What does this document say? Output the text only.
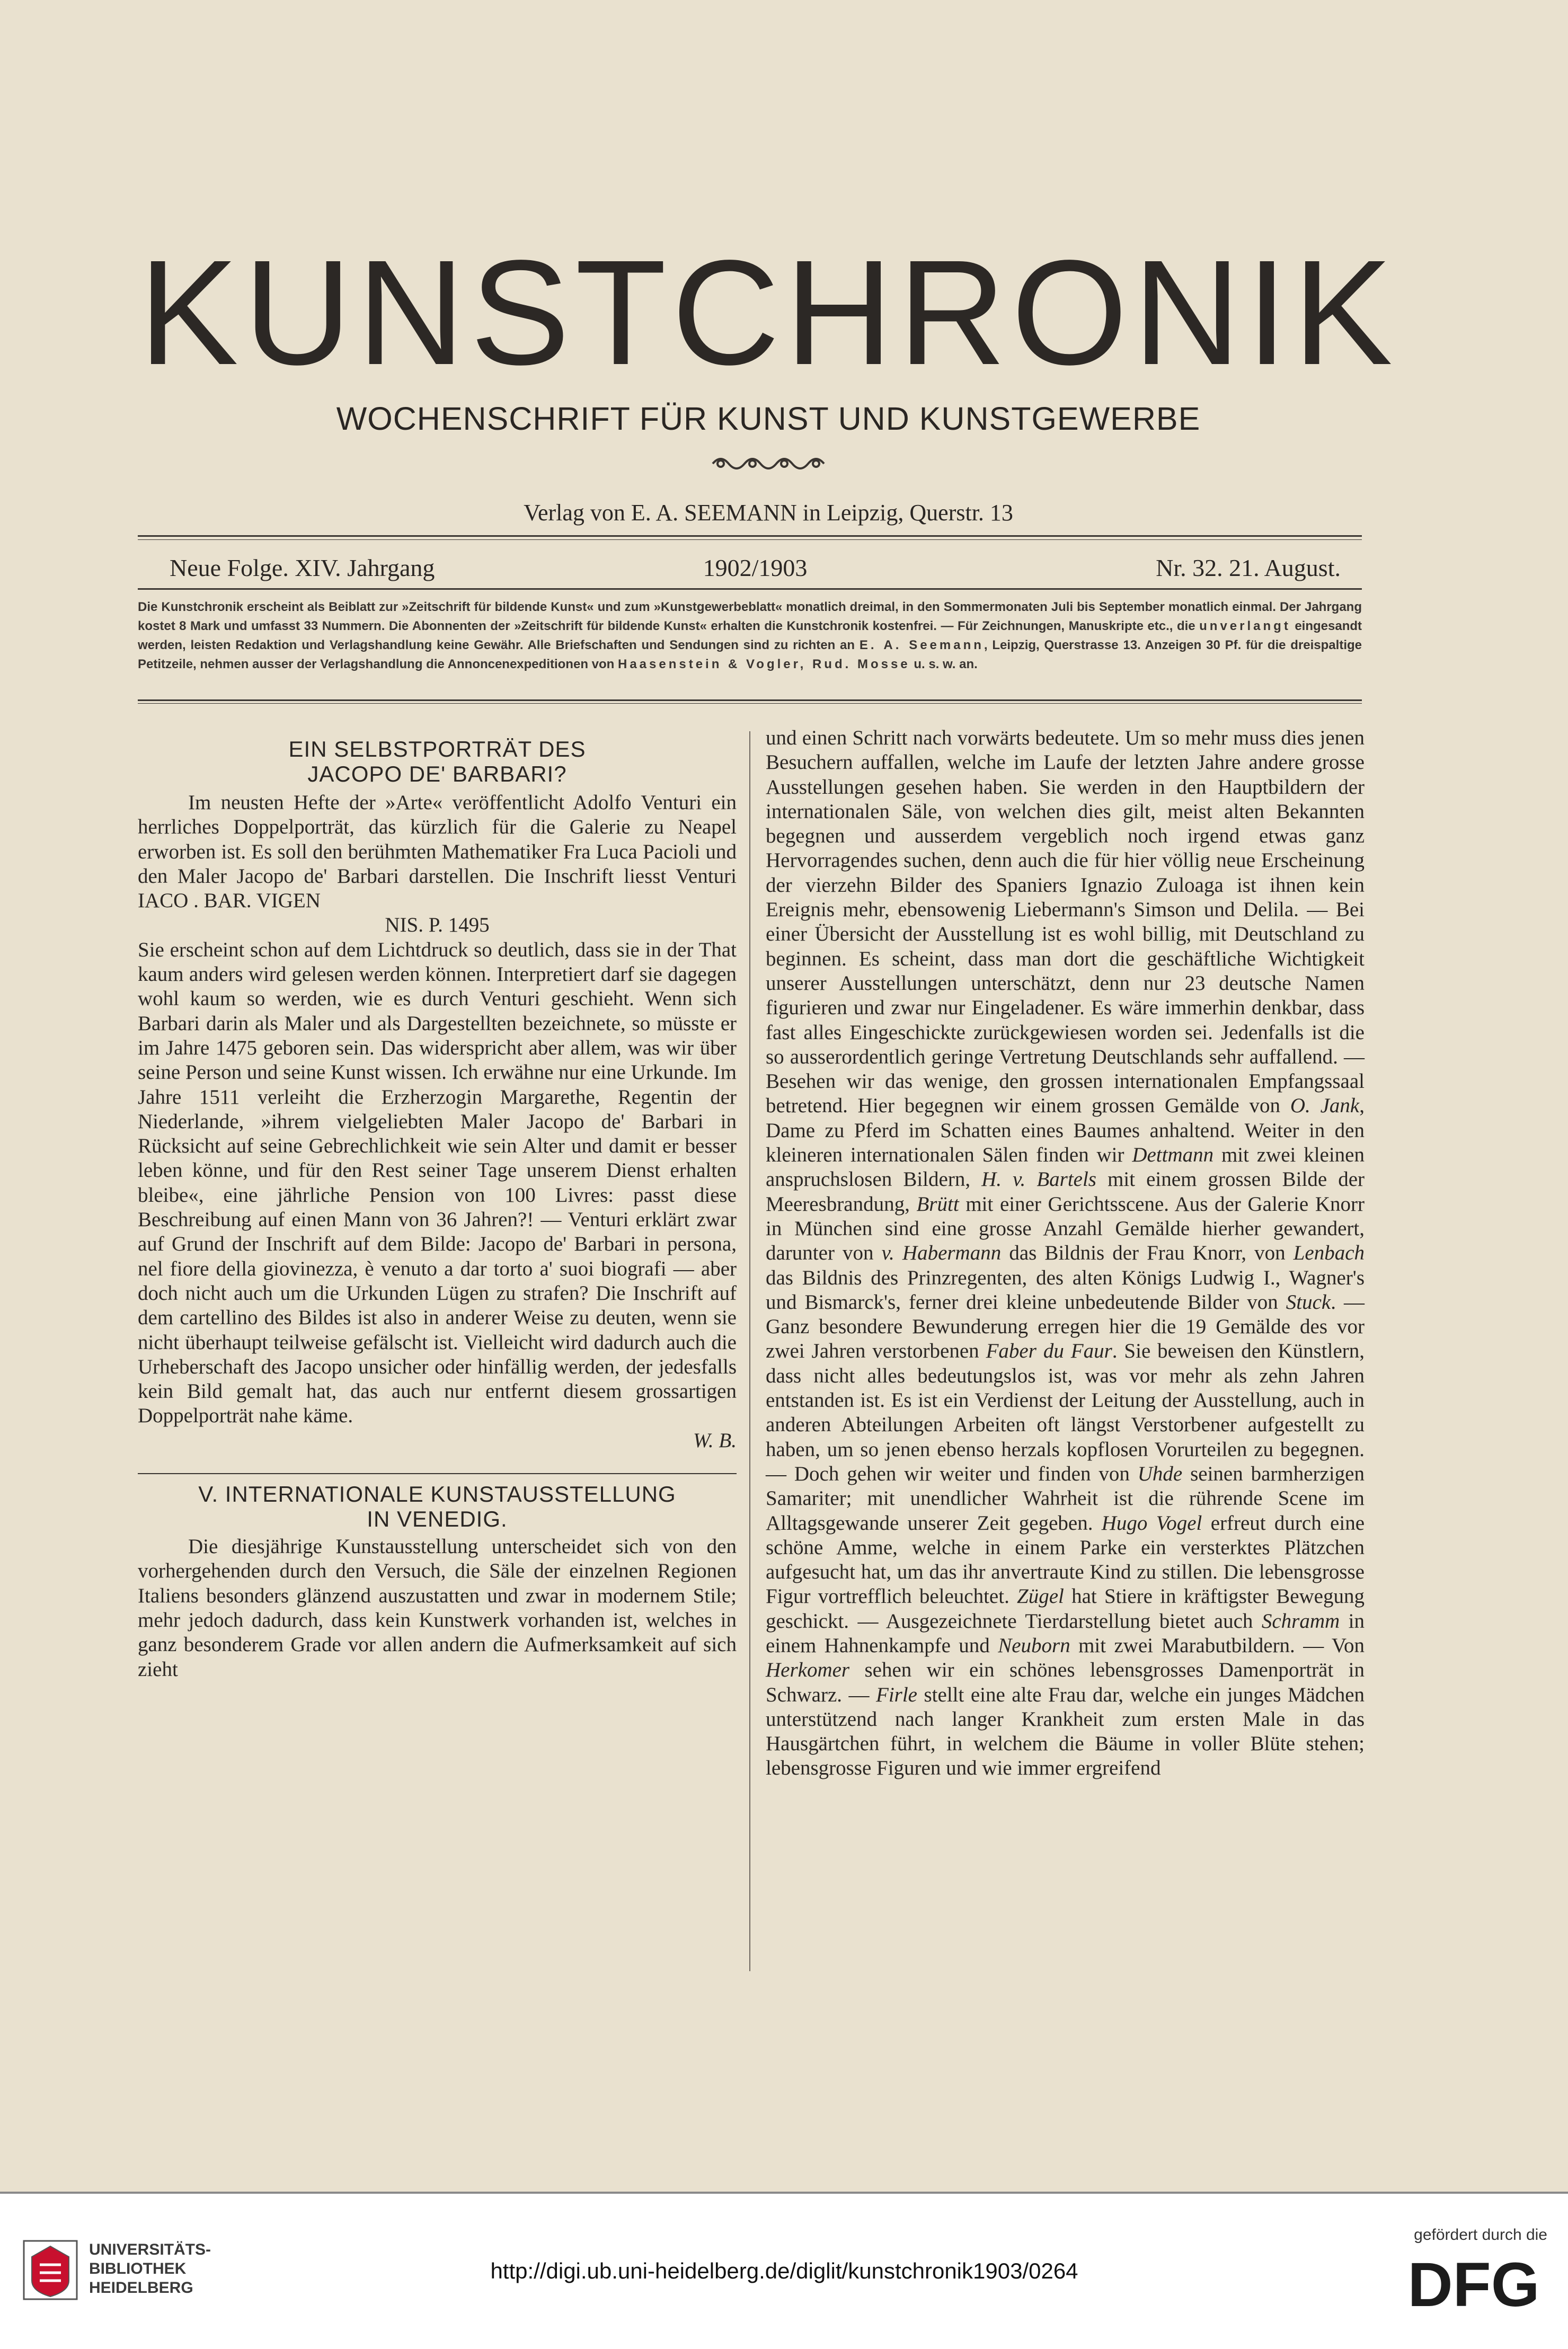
KUNSTCHRONIK
WOCHENSCHRIFT FÜR KUNST UND KUNSTGEWERBE
Verlag von E. A. SEEMANN in Leipzig, Querstr. 13
Neue Folge. XIV. Jahrgang	1902/1903	Nr. 32. 21. August.
Die Kunstchronik erscheint als Beiblatt zur »Zeitschrift für bildende Kunst« und zum »Kunstgewerbeblatt« monatlich dreimal, in den Sommermonaten Juli bis September monatlich einmal. Der Jahrgang kostet 8 Mark und umfasst 33 Nummern. Die Abonnenten der »Zeitschrift für bildende Kunst« erhalten die Kunstchronik kostenfrei. — Für Zeichnungen, Manuskripte etc., die unverlangt eingesandt werden, leisten Redaktion und Verlagshandlung keine Gewähr. Alle Briefschaften und Sendungen sind zu richten an E. A. Seemann, Leipzig, Querstrasse 13. Anzeigen 30 Pf. für die dreispaltige Petitzeile, nehmen ausser der Verlagshandlung die Annoncenexpeditionen von Haasenstein & Vogler, Rud. Mosse u. s. w. an.
EIN SELBSTPORTRÄT DES
JACOPO DE' BARBARI?

Im neusten Hefte der »Arte« veröffentlicht Adolfo Venturi ein herrliches Doppelporträt, das kürzlich für die Galerie zu Neapel erworben ist. Es soll den berühmten Mathematiker Fra Luca Pacioli und den Maler Jacopo de' Barbari darstellen. Die Inschrift liesst Venturi IACO . BAR. VIGEN

NIS. P. 1495

Sie erscheint schon auf dem Lichtdruck so deutlich, dass sie in der That kaum anders wird gelesen werden können. Interpretiert darf sie dagegen wohl kaum so werden, wie es durch Venturi geschieht. Wenn sich Barbari darin als Maler und als Dargestellten bezeichnete, so müsste er im Jahre 1475 geboren sein. Das widerspricht aber allem, was wir über seine Person und seine Kunst wissen. Ich erwähne nur eine Urkunde. Im Jahre 1511 verleiht die Erzherzogin Margarethe, Regentin der Niederlande, »ihrem vielgeliebten Maler Jacopo de' Barbari in Rücksicht auf seine Gebrechlichkeit wie sein Alter und damit er besser leben könne, und für den Rest seiner Tage unserem Dienst erhalten bleibe«, eine jährliche Pension von 100 Livres: passt diese Beschreibung auf einen Mann von 36 Jahren?! — Venturi erklärt zwar auf Grund der Inschrift auf dem Bilde: Jacopo de' Barbari in persona, nel fiore della giovinezza, è venuto a dar torto a' suoi biografi — aber doch nicht auch um die Urkunden Lügen zu strafen? Die Inschrift auf dem cartellino des Bildes ist also in anderer Weise zu deuten, wenn sie nicht überhaupt teilweise gefälscht ist. Vielleicht wird dadurch auch die Urheberschaft des Jacopo unsicher oder hinfällig werden, der jedesfalls kein Bild gemalt hat, das auch nur entfernt diesem grossartigen Doppelporträt nahe käme.

W. B.

V. INTERNATIONALE KUNSTAUSSTELLUNG
IN VENEDIG.

Die diesjährige Kunstausstellung unterscheidet sich von den vorhergehenden durch den Versuch, die Säle der einzelnen Regionen Italiens besonders glänzend auszustatten und zwar in modernem Stile; mehr jedoch dadurch, dass kein Kunstwerk vorhanden ist, welches in ganz besonderem Grade vor allen andern die Aufmerksamkeit auf sich zieht

und einen Schritt nach vorwärts bedeutete. Um so mehr muss dies jenen Besuchern auffallen, welche im Laufe der letzten Jahre andere grosse Ausstellungen gesehen haben. Sie werden in den Hauptbildern der internationalen Säle, von welchen dies gilt, meist alten Bekannten begegnen und ausserdem vergeblich noch irgend etwas ganz Hervorragendes suchen, denn auch die für hier völlig neue Erscheinung der vierzehn Bilder des Spaniers Ignazio Zuloaga ist ihnen kein Ereignis mehr, ebensowenig Liebermann's Simson und Delila. — Bei einer Übersicht der Ausstellung ist es wohl billig, mit Deutschland zu beginnen. Es scheint, dass man dort die geschäftliche Wichtigkeit unserer Ausstellungen unterschätzt, denn nur 23 deutsche Namen figurieren und zwar nur Eingeladener. Es wäre immerhin denkbar, dass fast alles Eingeschickte zurückgewiesen worden sei. Jedenfalls ist die so ausserordentlich geringe Vertretung Deutschlands sehr auffallend. — Besehen wir das wenige, den grossen internationalen Empfangssaal betretend. Hier begegnen wir einem grossen Gemälde von O. Jank, Dame zu Pferd im Schatten eines Baumes anhaltend. Weiter in den kleineren internationalen Sälen finden wir Dettmann mit zwei kleinen anspruchslosen Bildern, H. v. Bartels mit einem grossen Bilde der Meeresbrandung, Brütt mit einer Gerichtsscene. Aus der Galerie Knorr in München sind eine grosse Anzahl Gemälde hierher gewandert, darunter von v. Habermann das Bildnis der Frau Knorr, von Lenbach das Bildnis des Prinzregenten, des alten Königs Ludwig I., Wagner's und Bismarck's, ferner drei kleine unbedeutende Bilder von Stuck. — Ganz besondere Bewunderung erregen hier die 19 Gemälde des vor zwei Jahren verstorbenen Faber du Faur. Sie beweisen den Künstlern, dass nicht alles bedeutungslos ist, was vor mehr als zehn Jahren entstanden ist. Es ist ein Verdienst der Leitung der Ausstellung, auch in anderen Abteilungen Arbeiten oft längst Verstorbener aufgestellt zu haben, um so jenen ebenso herzals kopflosen Vorurteilen zu begegnen. — Doch gehen wir weiter und finden von Uhde seinen barmherzigen Samariter; mit unendlicher Wahrheit ist die rührende Scene im Alltagsgewande unserer Zeit gegeben. Hugo Vogel erfreut durch eine schöne Amme, welche in einem Parke ein versterktes Plätzchen aufgesucht hat, um das ihr anvertraute Kind zu stillen. Die lebensgrosse Figur vortrefflich beleuchtet. Zügel hat Stiere in kräftigster Bewegung geschickt. — Ausgezeichnete Tierdarstellung bietet auch Schramm in einem Hahnenkampfe und Neuborn mit zwei Marabutbildern. — Von Herkomer sehen wir ein schönes lebensgrosses Damenporträt in Schwarz. — Firle stellt eine alte Frau dar, welche ein junges Mädchen unterstützend nach langer Krankheit zum ersten Male in das Hausgärtchen führt, in welchem die Bäume in voller Blüte stehen; lebensgrosse Figuren und wie immer ergreifend

UNIVERSITÄTS-
BIBLIOTHEK
HEIDELBERG
http://digi.ub.uni-heidelberg.de/diglit/kunstchronik1903/0264
gefördert durch die
DFG
